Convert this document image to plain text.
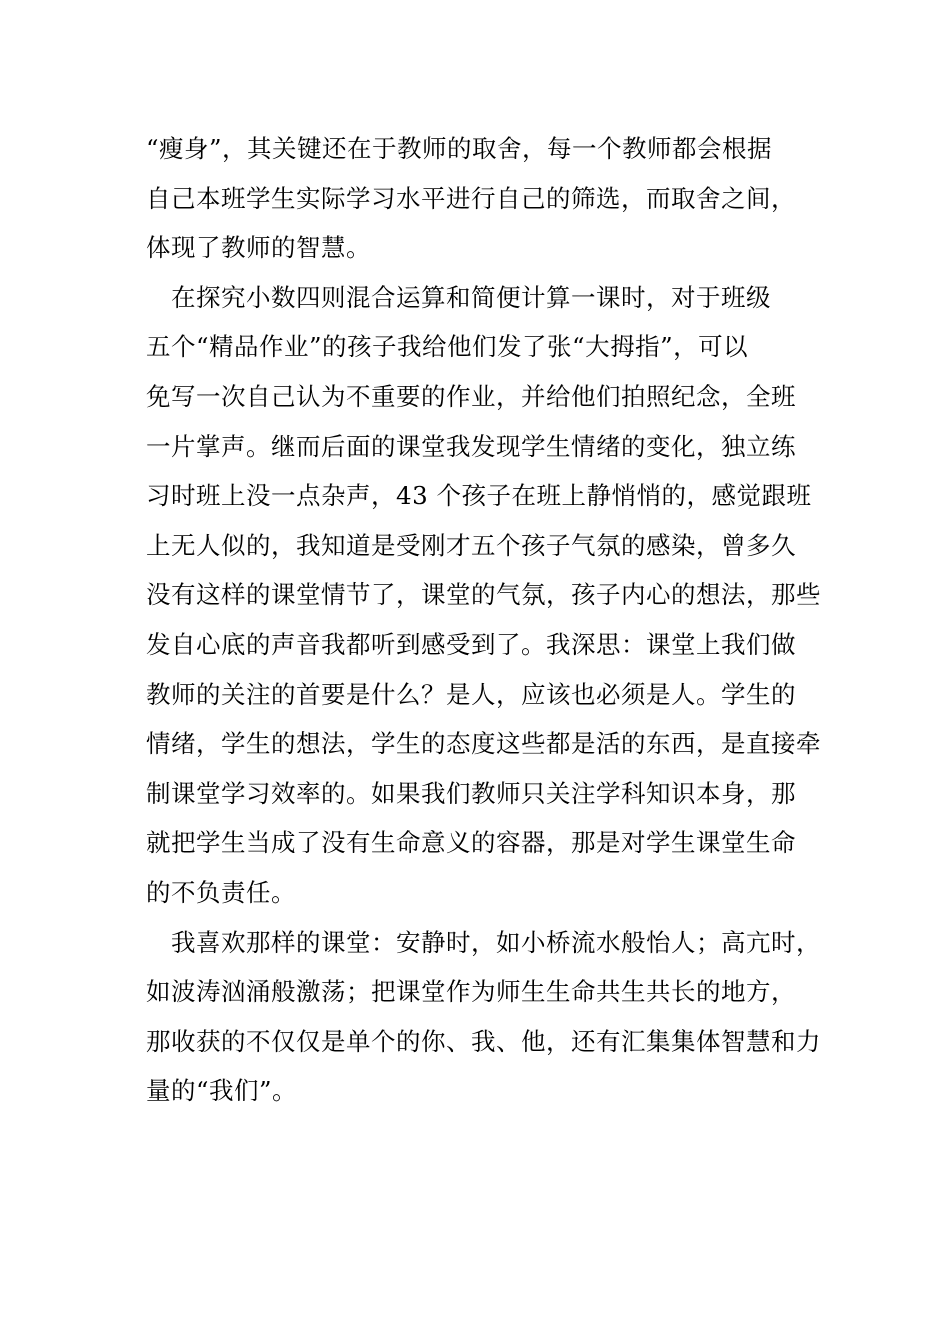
“瘦身”，其关键还在于教师的取舍，每一个教师都会根据
自己本班学生实际学习水平进行自己的筛选，而取舍之间，
体现了教师的智慧。
　在探究小数四则混合运算和简便计算一课时，对于班级
五个“精品作业”的孩子我给他们发了张“大拇指”，可以
免写一次自己认为不重要的作业，并给他们拍照纪念，全班
一片掌声。继而后面的课堂我发现学生情绪的变化，独立练
习时班上没一点杂声，43 个孩子在班上静悄悄的，感觉跟班
上无人似的，我知道是受刚才五个孩子气氛的感染，曾多久
没有这样的课堂情节了，课堂的气氛，孩子内心的想法，那些
发自心底的声音我都听到感受到了。我深思：课堂上我们做
教师的关注的首要是什么？是人，应该也必须是人。学生的
情绪，学生的想法，学生的态度这些都是活的东西，是直接牵
制课堂学习效率的。如果我们教师只关注学科知识本身，那
就把学生当成了没有生命意义的容器，那是对学生课堂生命
的不负责任。
　我喜欢那样的课堂：安静时，如小桥流水般怡人；高亢时，
如波涛汹涌般激荡；把课堂作为师生生命共生共长的地方，
那收获的不仅仅是单个的你、我、他，还有汇集集体智慧和力
量的“我们”。
